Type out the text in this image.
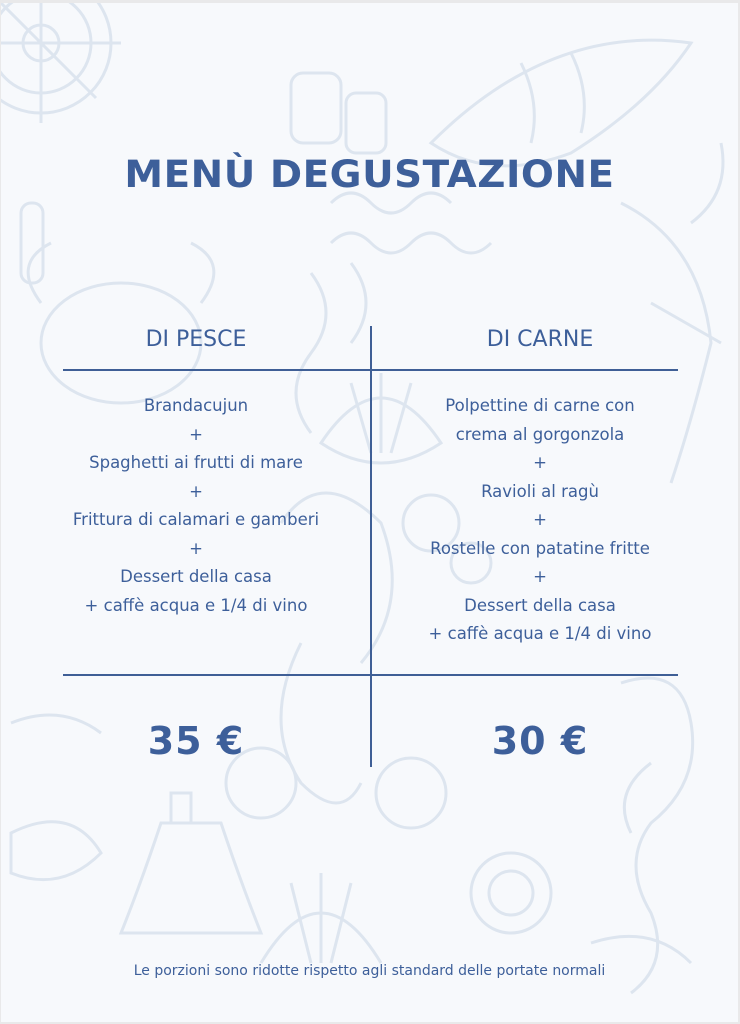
MENÙ DEGUSTAZIONE
DI PESCE	DI CARNE
Brandacujun
+
Spaghetti ai frutti di mare
+
Frittura di calamari e gamberi
+
Dessert della casa
+ caffè acqua e 1/4 di vino
Polpettine di carne con
crema al gorgonzola
+
Ravioli al ragù
+
Rostelle con patatine fritte
+
Dessert della casa
+ caffè acqua e 1/4 di vino
35 €	30 €
Le porzioni sono ridotte rispetto agli standard delle portate normali
